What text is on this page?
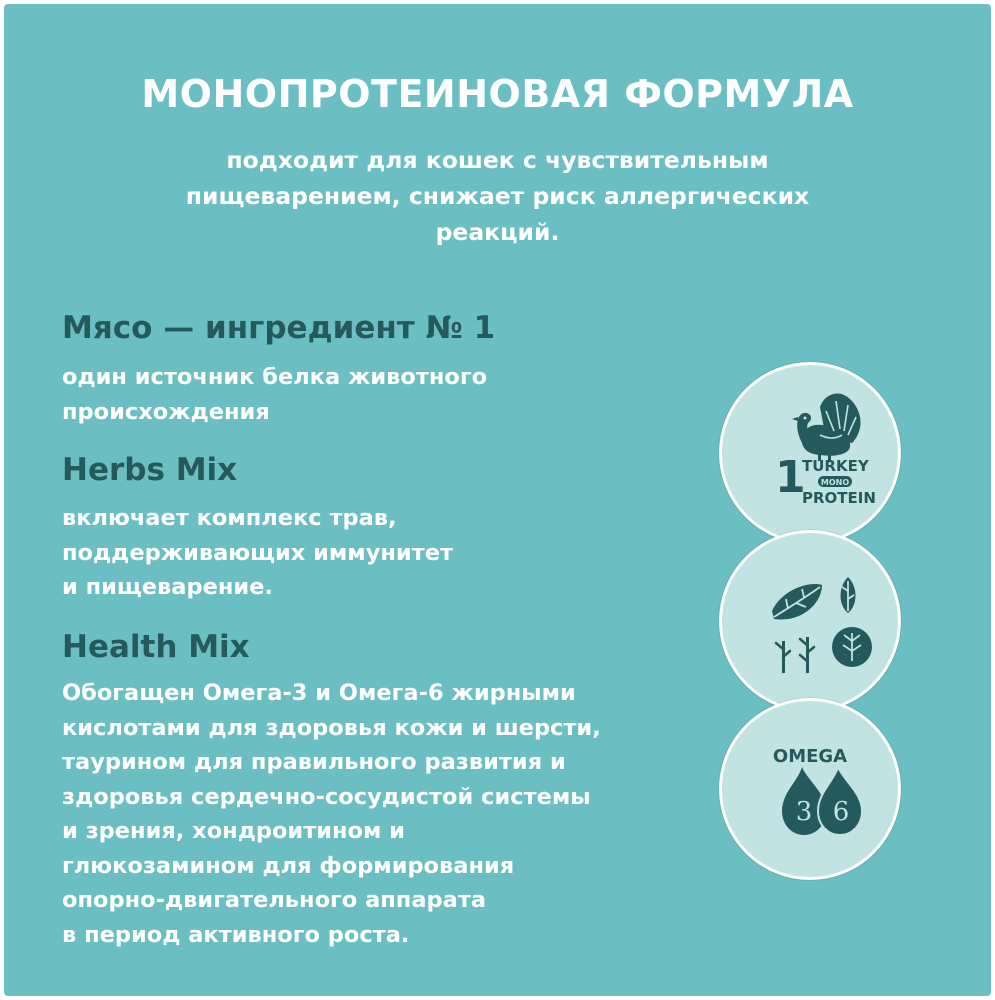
МОНОПРОТЕИНОВАЯ ФОРМУЛА
подходит для кошек с чувствительным
пищеварением, снижает риск аллергических
реакций.
Мясо — ингредиент № 1
один источник белка животного
происхождения
Herbs Mix
включает комплекс трав,
поддерживающих иммунитет
и пищеварение.
Health Mix
Обогащен Омега-3 и Омега-6 жирными
кислотами для здоровья кожи и шерсти,
таурином для правильного развития и
здоровья сердечно-сосудистой системы
и зрения, хондроитином и
глюкозамином для формирования
опорно-двигательного аппарата
в период активного роста.
1
TURKEY
MONO
PROTEIN
OMEGA
3 6
